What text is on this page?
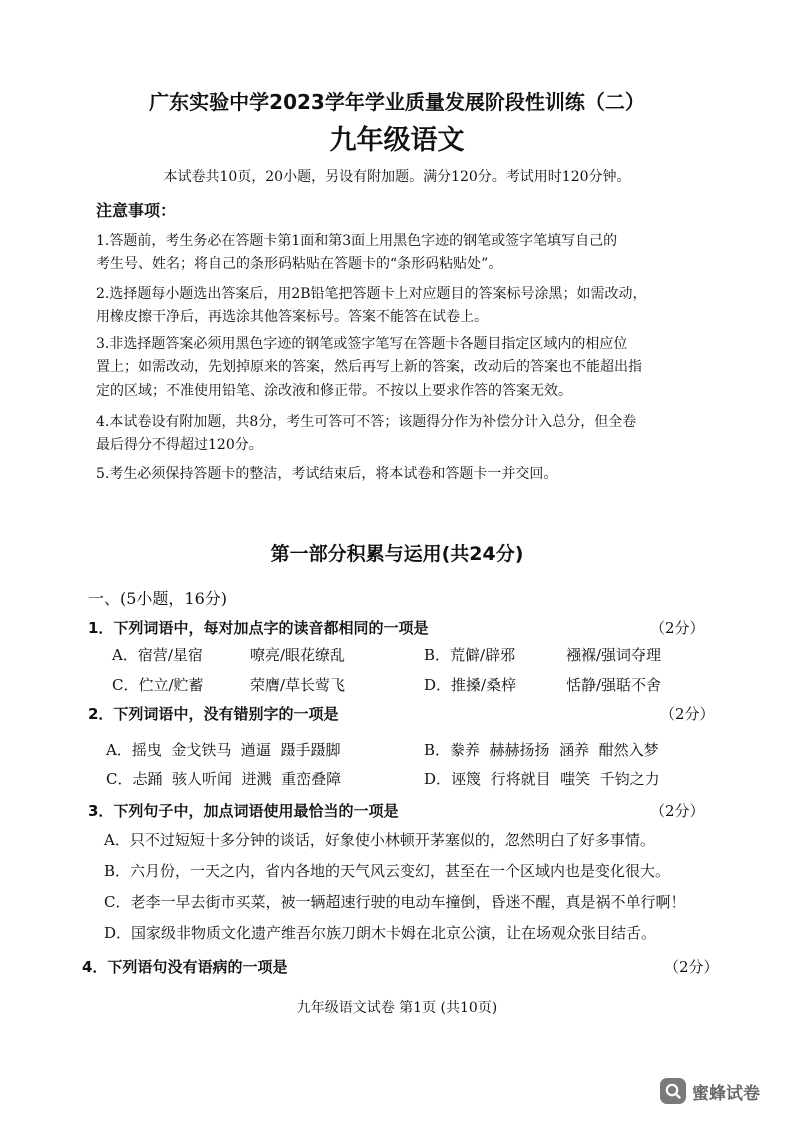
广东实验中学2023学年学业质量发展阶段性训练（二）
九年级语文
本试卷共10页，20小题，另设有附加题。满分120分。考试用时120分钟。
注意事项：
1.答题前，考生务必在答题卡第1面和第3面上用黑色字迹的钢笔或签字笔填写自己的
考生号、姓名；将自己的条形码粘贴在答题卡的“条形码粘贴处”。
2.选择题每小题选出答案后，用2B铅笔把答题卡上对应题目的答案标号涂黑；如需改动，
用橡皮擦干净后，再选涂其他答案标号。答案不能答在试卷上。
3.非选择题答案必须用黑色字迹的钢笔或签字笔写在答题卡各题目指定区域内的相应位
置上；如需改动，先划掉原来的答案，然后再写上新的答案，改动后的答案也不能超出指
定的区域；不准使用铅笔、涂改液和修正带。不按以上要求作答的答案无效。
4.本试卷设有附加题，共8分，考生可答可不答；该题得分作为补偿分计入总分，但全卷
最后得分不得超过120分。
5.考生必须保持答题卡的整洁，考试结束后，将本试卷和答题卡一并交回。
第一部分积累与运用(共24分)
一、(5小题，16分)
1．下列词语中，每对加点字的读音都相同的一项是	（2分）
A．宿营/星宿	嘹亮/眼花缭乱	B．荒僻/辟邪	襁褓/强词夺理
C．伫立/贮蓄	荣膺/草长莺飞	D．推搡/桑梓	恬静/强聒不舍
2．下列词语中，没有错别字的一项是	（2分）
A．摇曳  金戈铁马  遒逼  蹑手蹑脚	B．豢养  赫赫扬扬  涵养  酣然入梦
C．忐踊  骇人听闻  迸溅  重峦叠障	D．诬篾  行将就目  嗤笑  千钧之力
3．下列句子中，加点词语使用最恰当的一项是	（2分）
A．只不过短短十多分钟的谈话，好象使小林顿开茅塞似的，忽然明白了好多事情。
B．六月份，一天之内，省内各地的天气风云变幻，甚至在一个区域内也是变化很大。
C．老李一早去街市买菜，被一辆超速行驶的电动车撞倒，昏迷不醒，真是祸不单行啊！
D．国家级非物质文化遗产维吾尔族刀朗木卡姆在北京公演，让在场观众张目结舌。
4．下列语句没有语病的一项是	（2分）
九年级语文试卷 第1页 (共10页)
蜜蜂试卷
